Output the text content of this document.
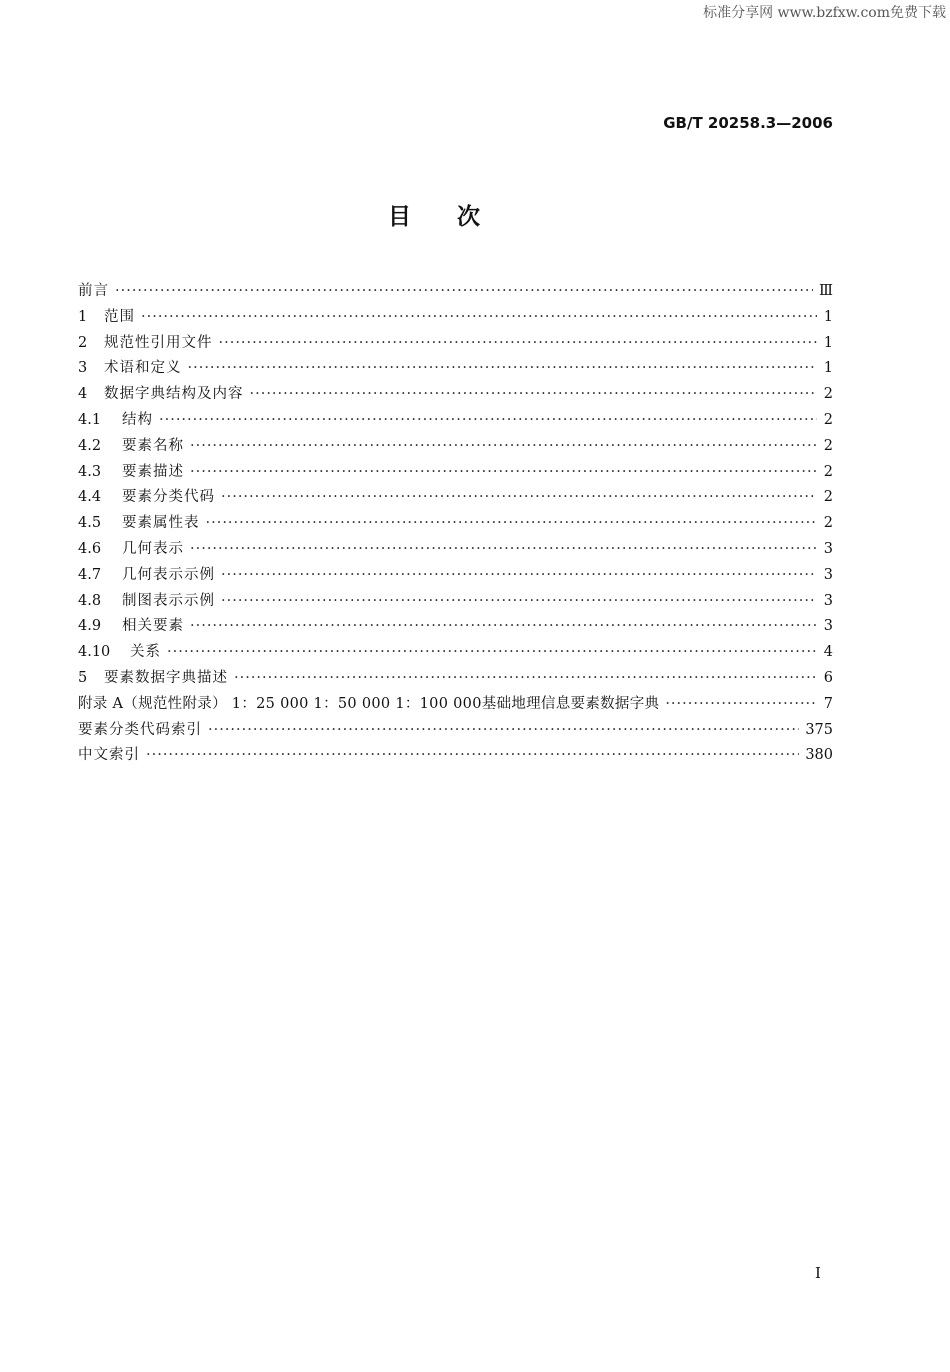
标准分享网 www.bzfxw.com免费下载
GB/T 20258.3—2006
目次
前言 ·····	Ⅲ
1	范围 ·····	1
2	规范性引用文件 ·····	1
3	术语和定义 ·····	1
4	数据字典结构及内容 ·····	2
4.1	结构 ·····	2
4.2	要素名称 ·····	2
4.3	要素描述 ·····	2
4.4	要素分类代码 ·····	2
4.5	要素属性表 ·····	2
4.6	几何表示 ·····	3
4.7	几何表示示例 ·····	3
4.8	制图表示示例 ·····	3
4.9	相关要素 ·····	3
4.10	关系 ·····	4
5	要素数据字典描述 ·····	6
附录 A（规范性附录） 1：25 000 1：50 000 1：100 000基础地理信息要素数据字典 ·····	7
要素分类代码索引 ·····	375
中文索引 ·····	380
I
